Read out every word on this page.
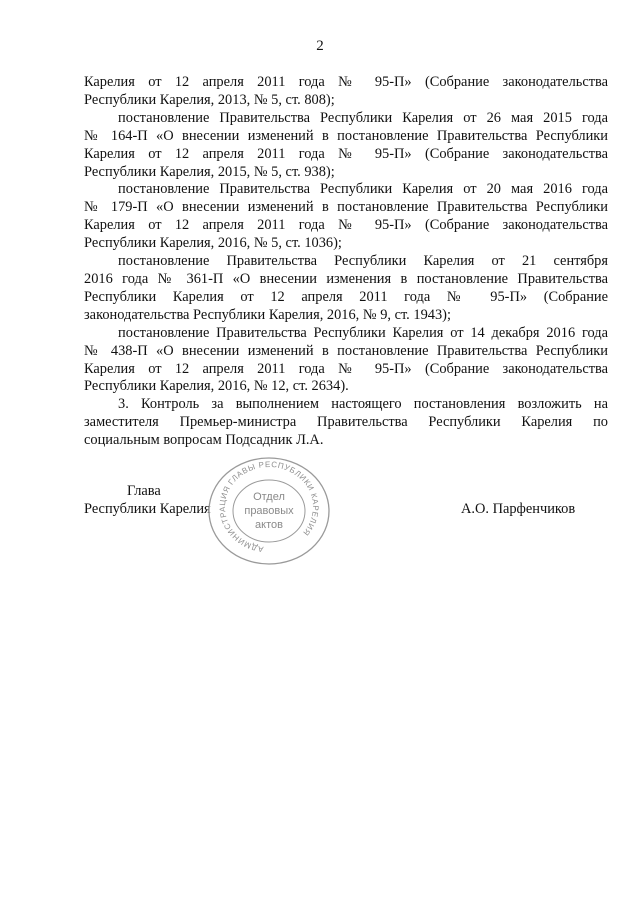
2

Карелия от 12 апреля 2011 года № 95-П» (Собрание законодательства

Республики Карелия, 2013, № 5, ст. 808);

постановление Правительства Республики Карелия от 26 мая 2015 года

№ 164-П «О внесении изменений в постановление Правительства Республики

Карелия от 12 апреля 2011 года № 95-П» (Собрание законодательства

Республики Карелия, 2015, № 5, ст. 938);

постановление Правительства Республики Карелия от 20 мая 2016 года

№ 179-П «О внесении изменений в постановление Правительства Республики

Карелия от 12 апреля 2011 года № 95-П» (Собрание законодательства

Республики Карелия, 2016, № 5, ст. 1036);

постановление Правительства Республики Карелия от 21 сентября

2016 года № 361-П «О внесении изменения в постановление Правительства

Республики Карелия от 12 апреля 2011 года № 95-П» (Собрание

законодательства Республики Карелия, 2016, № 9, ст. 1943);

постановление Правительства Республики Карелия от 14 декабря 2016 года

№ 438-П «О внесении изменений в постановление Правительства Республики

Карелия от 12 апреля 2011 года № 95-П» (Собрание законодательства

Республики Карелия, 2016, № 12, ст. 2634).

3. Контроль за выполнением настоящего постановления возложить на

заместителя Премьер-министра Правительства Республики Карелия по

социальным вопросам Подсадник Л.А.

Глава
Республики Карелия	А.О. Парфенчиков
АДМИНИСТРАЦИЯ ГЛАВЫ РЕСПУБЛИКИ КАРЕЛИЯ
Отдел
правовых
актов
